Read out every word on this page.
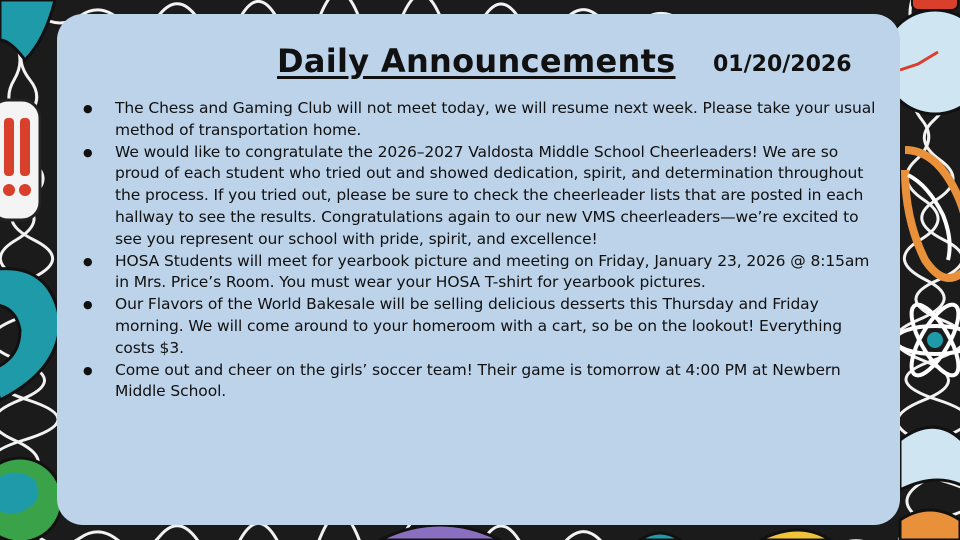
Daily Announcements 01/20/2026
● The Chess and Gaming Club will not meet today, we will resume next week. Please take your usual method of transportation home.
● We would like to congratulate the 2026–2027 Valdosta Middle School Cheerleaders! We are so proud of each student who tried out and showed dedication, spirit, and determination throughout the process. If you tried out, please be sure to check the cheerleader lists that are posted in each hallway to see the results. Congratulations again to our new VMS cheerleaders—we’re excited to see you represent our school with pride, spirit, and excellence!
● HOSA Students will meet for yearbook picture and meeting on Friday, January 23, 2026 @ 8:15am in Mrs. Price’s Room. You must wear your HOSA T-shirt for yearbook pictures.
● Our Flavors of the World Bakesale will be selling delicious desserts this Thursday and Friday morning. We will come around to your homeroom with a cart, so be on the lookout! Everything costs $3.
● Come out and cheer on the girls’ soccer team! Their game is tomorrow at 4:00 PM at Newbern Middle School.
